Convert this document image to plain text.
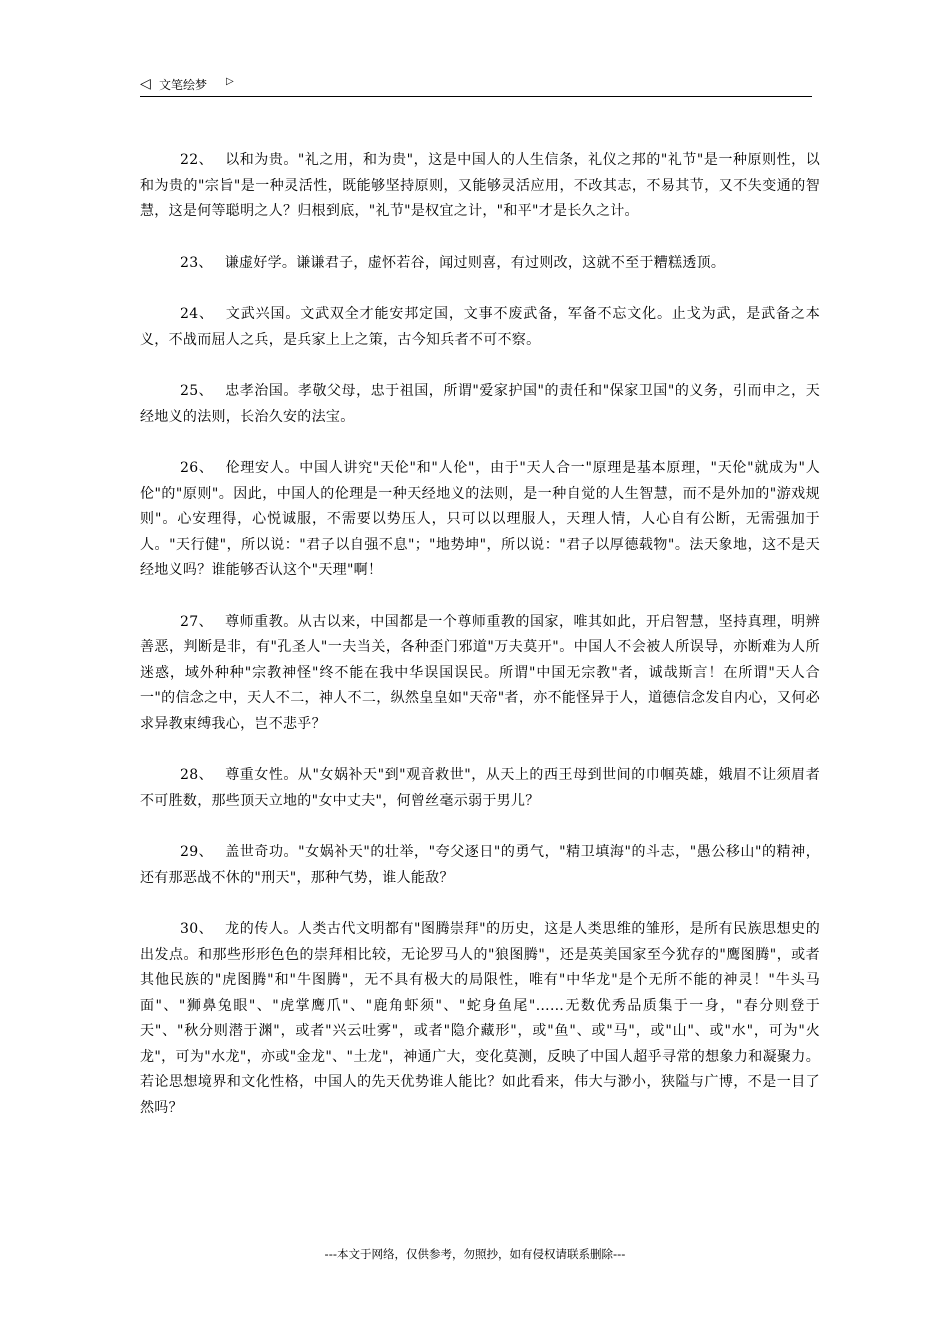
◁ 文笔绘梦 ▷

22、 以和为贵。"礼之用，和为贵"，这是中国人的人生信条，礼仪之邦的"礼节"是一种原则性，以和为贵的"宗旨"是一种灵活性，既能够坚持原则，又能够灵活应用，不改其志，不易其节，又不失变通的智慧，这是何等聪明之人？归根到底，"礼节"是权宜之计，"和平"才是长久之计。

23、 谦虚好学。谦谦君子，虚怀若谷，闻过则喜，有过则改，这就不至于糟糕透顶。

24、 文武兴国。文武双全才能安邦定国，文事不废武备，军备不忘文化。止戈为武，是武备之本义，不战而屈人之兵，是兵家上上之策，古今知兵者不可不察。

25、 忠孝治国。孝敬父母，忠于祖国，所谓"爱家护国"的责任和"保家卫国"的义务，引而申之，天经地义的法则，长治久安的法宝。

26、 伦理安人。中国人讲究"天伦"和"人伦"，由于"天人合一"原理是基本原理，"天伦"就成为"人伦"的"原则"。因此，中国人的伦理是一种天经地义的法则，是一种自觉的人生智慧，而不是外加的"游戏规则"。心安理得，心悦诚服，不需要以势压人，只可以以理服人，天理人情，人心自有公断，无需强加于人。"天行健"，所以说："君子以自强不息"；"地势坤"，所以说："君子以厚德载物"。法天象地，这不是天经地义吗？谁能够否认这个"天理"啊！

27、 尊师重教。从古以来，中国都是一个尊师重教的国家，唯其如此，开启智慧，坚持真理，明辨善恶，判断是非，有"孔圣人"一夫当关，各种歪门邪道"万夫莫开"。中国人不会被人所误导，亦断难为人所迷惑，域外种种"宗教神怪"终不能在我中华误国误民。所谓"中国无宗教"者，诚哉斯言！在所谓"天人合一"的信念之中，天人不二，神人不二，纵然皇皇如"天帝"者，亦不能怪异于人，道德信念发自内心，又何必求异教束缚我心，岂不悲乎？

28、 尊重女性。从"女娲补天"到"观音救世"，从天上的西王母到世间的巾帼英雄，娥眉不让须眉者不可胜数，那些顶天立地的"女中丈夫"，何曾丝毫示弱于男儿？

29、 盖世奇功。"女娲补天"的壮举，"夸父逐日"的勇气，"精卫填海"的斗志，"愚公移山"的精神，还有那恶战不休的"刑天"，那种气势，谁人能敌？

30、 龙的传人。人类古代文明都有"图腾崇拜"的历史，这是人类思维的雏形，是所有民族思想史的出发点。和那些形形色色的崇拜相比较，无论罗马人的"狼图腾"，还是英美国家至今犹存的"鹰图腾"，或者其他民族的"虎图腾"和"牛图腾"，无不具有极大的局限性，唯有"中华龙"是个无所不能的神灵！"牛头马面"、"狮鼻兔眼"、"虎掌鹰爪"、"鹿角虾须"、"蛇身鱼尾"……无数优秀品质集于一身，"春分则登于天"、"秋分则潜于渊"，或者"兴云吐雾"，或者"隐介藏形"，或"鱼"、或"马"，或"山"、或"水"，可为"火龙"，可为"水龙"，亦或"金龙"、"土龙"，神通广大，变化莫测，反映了中国人超乎寻常的想象力和凝聚力。若论思想境界和文化性格，中国人的先天优势谁人能比？如此看来，伟大与渺小，狭隘与广博，不是一目了然吗？

---本文于网络，仅供参考，勿照抄，如有侵权请联系删除---
